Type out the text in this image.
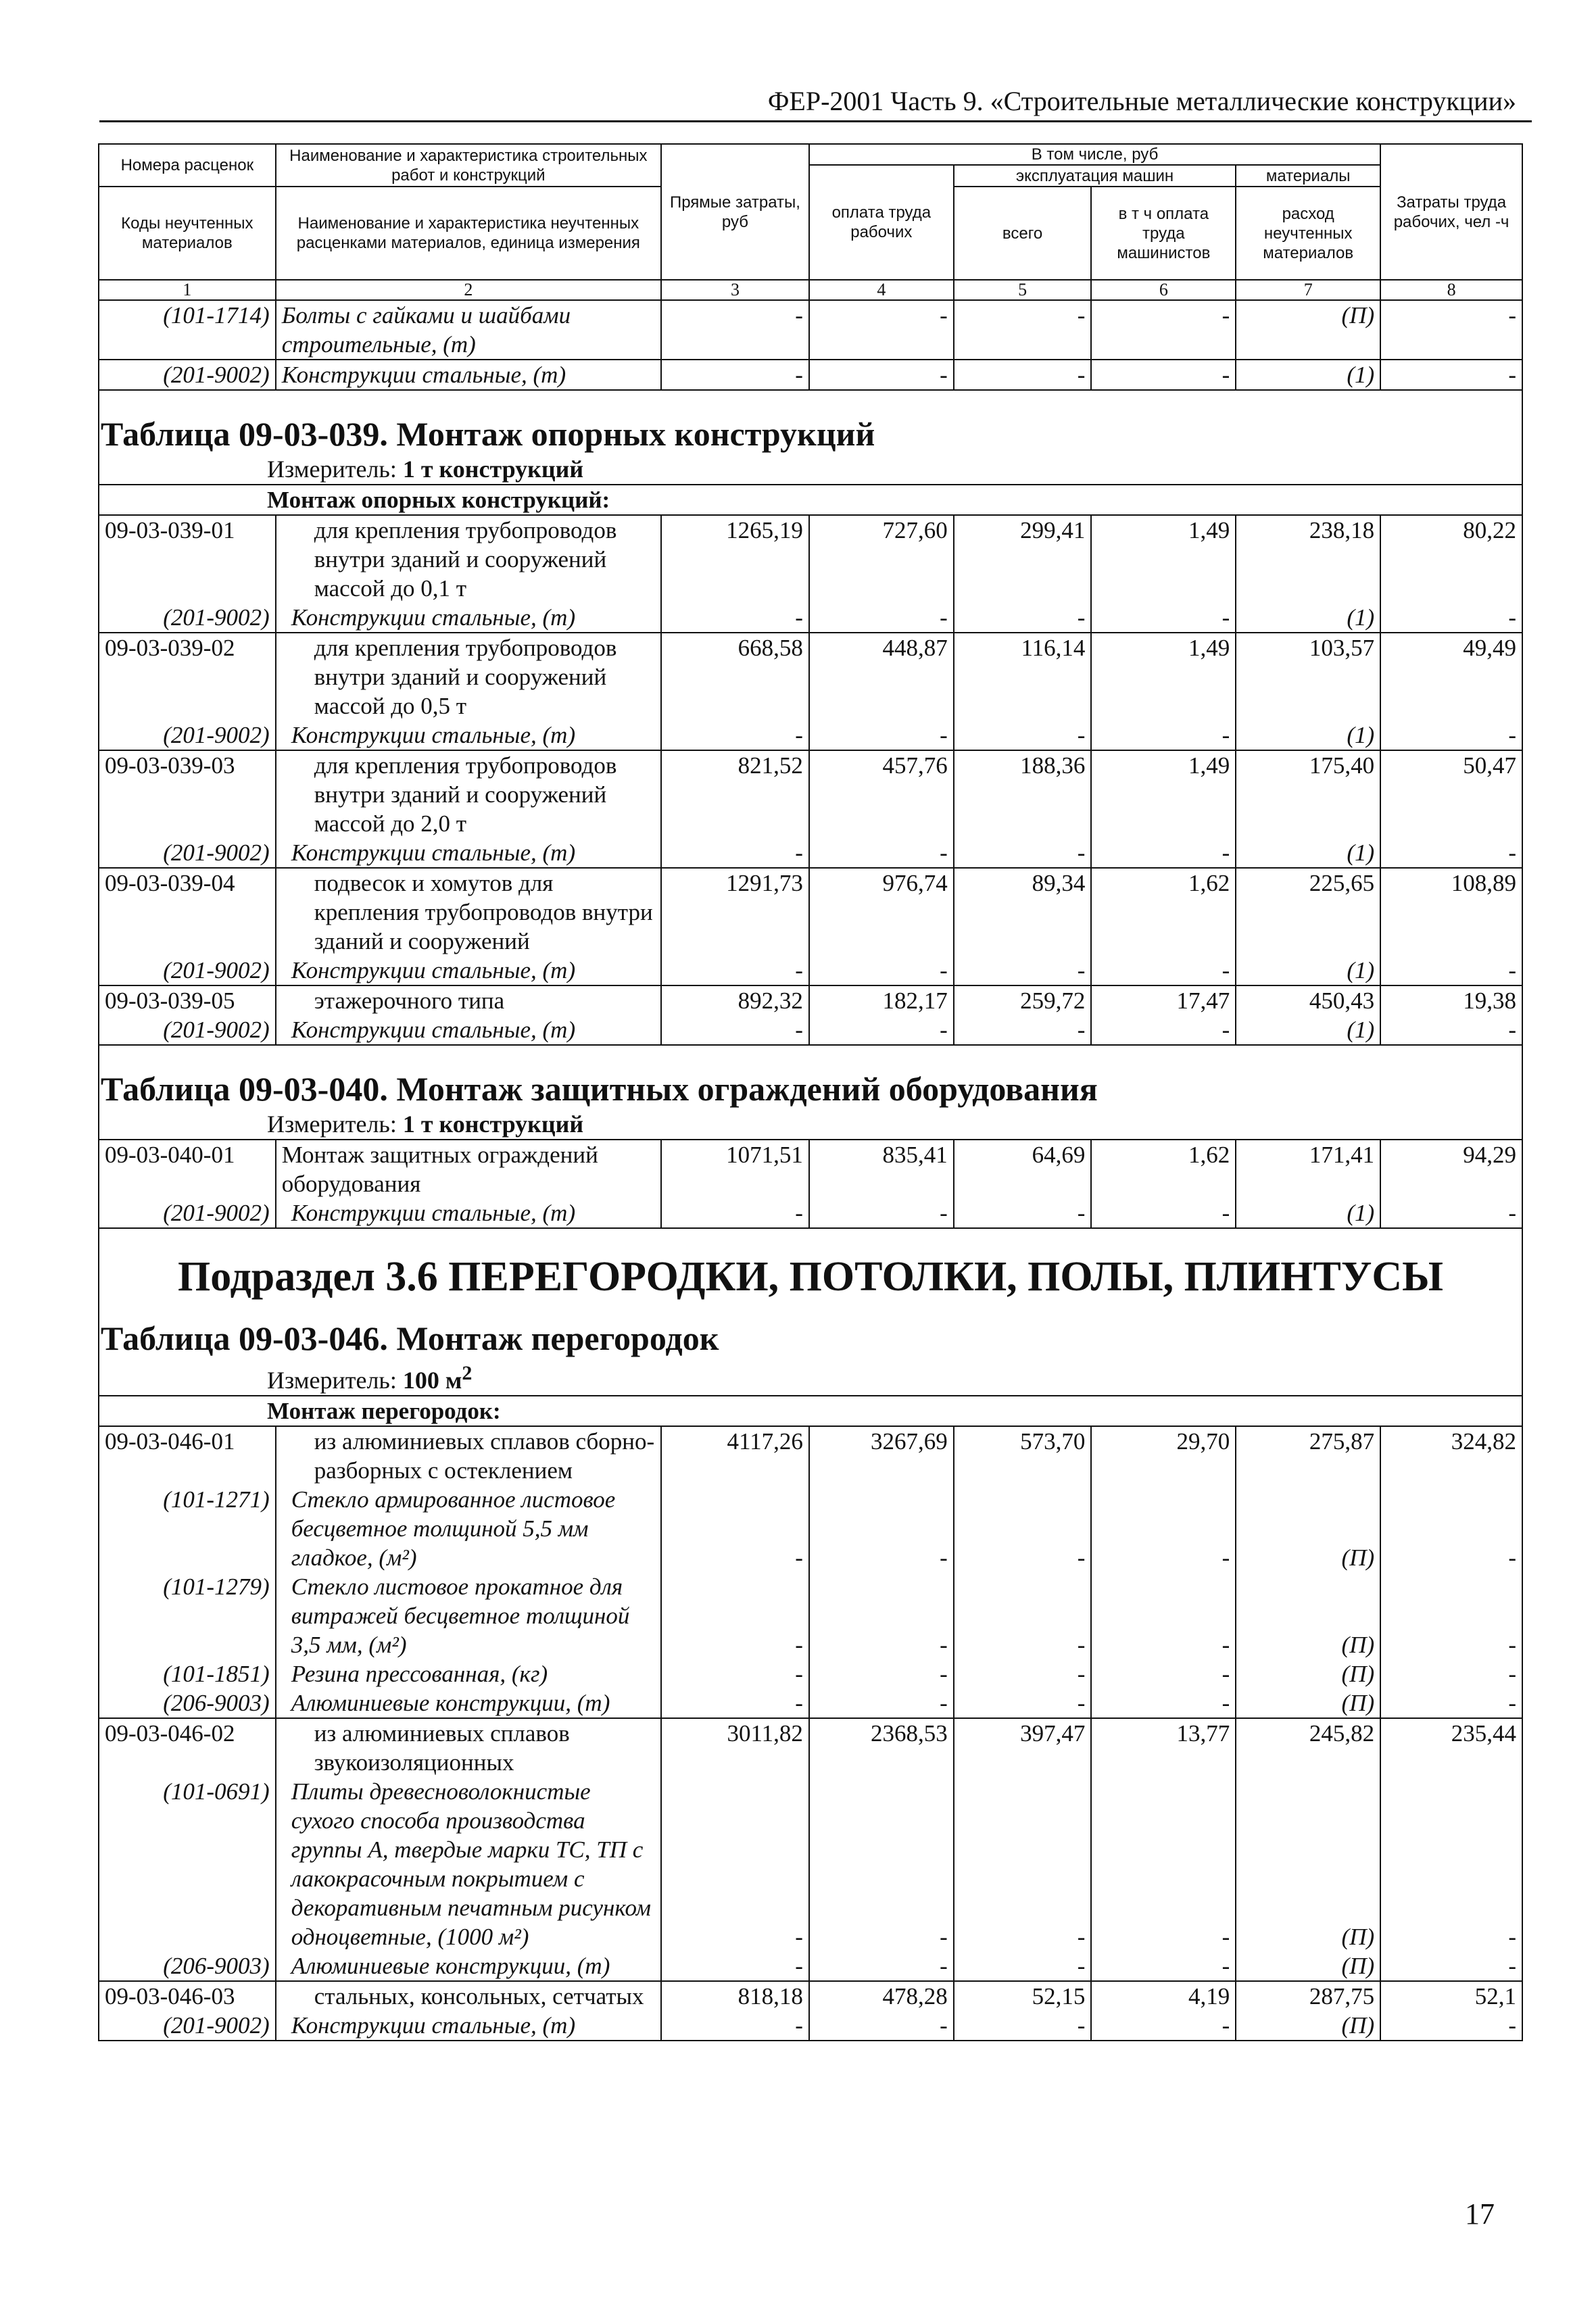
ФЕР-2001 Часть 9. «Строительные металлические конструкции»
Номера расценок	Наименование и характеристика строительных работ и конструкций	Прямые затраты, руб	В том числе, руб				Затраты труда рабочих, чел -ч
			оплата труда рабочих	эксплуатация машин		материалы	
Коды неучтенных материалов	Наименование и характеристика неучтенных расценками материалов, единица измерения			всего	в т ч оплата труда машинистов	расход неучтенных материалов	

1	2	3	4	5	6	7	8
(101-1714)	Болты с гайками и шайбами строительные, (т)	-	-	-	-	(П)	-
(201-9002)	Конструкции стальные, (т)	-	-	-	-	(1)	-

Таблица 09-03-039. Монтаж опорных конструкций
Измеритель: 1 т конструкций							

Монтаж опорных конструкций:							
09-03-039-01	для крепления трубопроводов внутри зданий и сооружений массой до 0,1 т	1265,19	727,60	299,41	1,49	238,18	80,22
(201-9002)	Конструкции стальные, (т)	-	-	-	-	(1)	-
09-03-039-02	для крепления трубопроводов внутри зданий и сооружений массой до 0,5 т	668,58	448,87	116,14	1,49	103,57	49,49
(201-9002)	Конструкции стальные, (т)	-	-	-	-	(1)	-
09-03-039-03	для крепления трубопроводов внутри зданий и сооружений массой до 2,0 т	821,52	457,76	188,36	1,49	175,40	50,47
(201-9002)	Конструкции стальные, (т)	-	-	-	-	(1)	-
09-03-039-04	подвесок и хомутов для крепления трубопроводов внутри зданий и сооружений	1291,73	976,74	89,34	1,62	225,65	108,89
(201-9002)	Конструкции стальные, (т)	-	-	-	-	(1)	-
09-03-039-05	этажерочного типа	892,32	182,17	259,72	17,47	450,43	19,38
(201-9002)	Конструкции стальные, (т)	-	-	-	-	(1)	-

Таблица 09-03-040. Монтаж защитных ограждений оборудования
Измеритель: 1 т конструкций							

09-03-040-01	Монтаж защитных ограждений оборудования	1071,51	835,41	64,69	1,62	171,41	94,29
(201-9002)	Конструкции стальные, (т)	-	-	-	-	(1)	-

Подраздел 3.6 ПЕРЕГОРОДКИ, ПОТОЛКИ, ПОЛЫ, ПЛИНТУСЫ
Таблица 09-03-046. Монтаж перегородок
Измеритель: 100 $м^2$

Монтаж перегородок:							
09-03-046-01	из алюминиевых сплавов сборно-разборных с остеклением	4117,26	3267,69	573,70	29,70	275,87	324,82
(101-1271)	Стекло армированное листовое бесцветное толщиной 5,5 мм гладкое, (м²)	-	-	-	-	(П)	-
(101-1279)	Стекло листовое прокатное для витражей бесцветное толщиной 3,5 мм, (м²)	-	-	-	-	(П)	-
(101-1851)	Резина прессованная, (кг)	-	-	-	-	(П)	-
(206-9003)	Алюминиевые конструкции, (т)	-	-	-	-	(П)	-
09-03-046-02	из алюминиевых сплавов звукоизоляционных	3011,82	2368,53	397,47	13,77	245,82	235,44
(101-0691)	Плиты древесноволокнистые сухого способа производства группы А, твердые марки ТС, ТП с лакокрасочным покрытием с декоративным печатным рисунком одноцветные, (1000 м²)	-	-	-	-	(П)	-
(206-9003)	Алюминиевые конструкции, (т)	-	-	-	-	(П)	-
09-03-046-03	стальных, консольных, сетчатых	818,18	478,28	52,15	4,19	287,75	52,1
(201-9002)	Конструкции стальные, (т)	-	-	-	-	(П)	-
17
